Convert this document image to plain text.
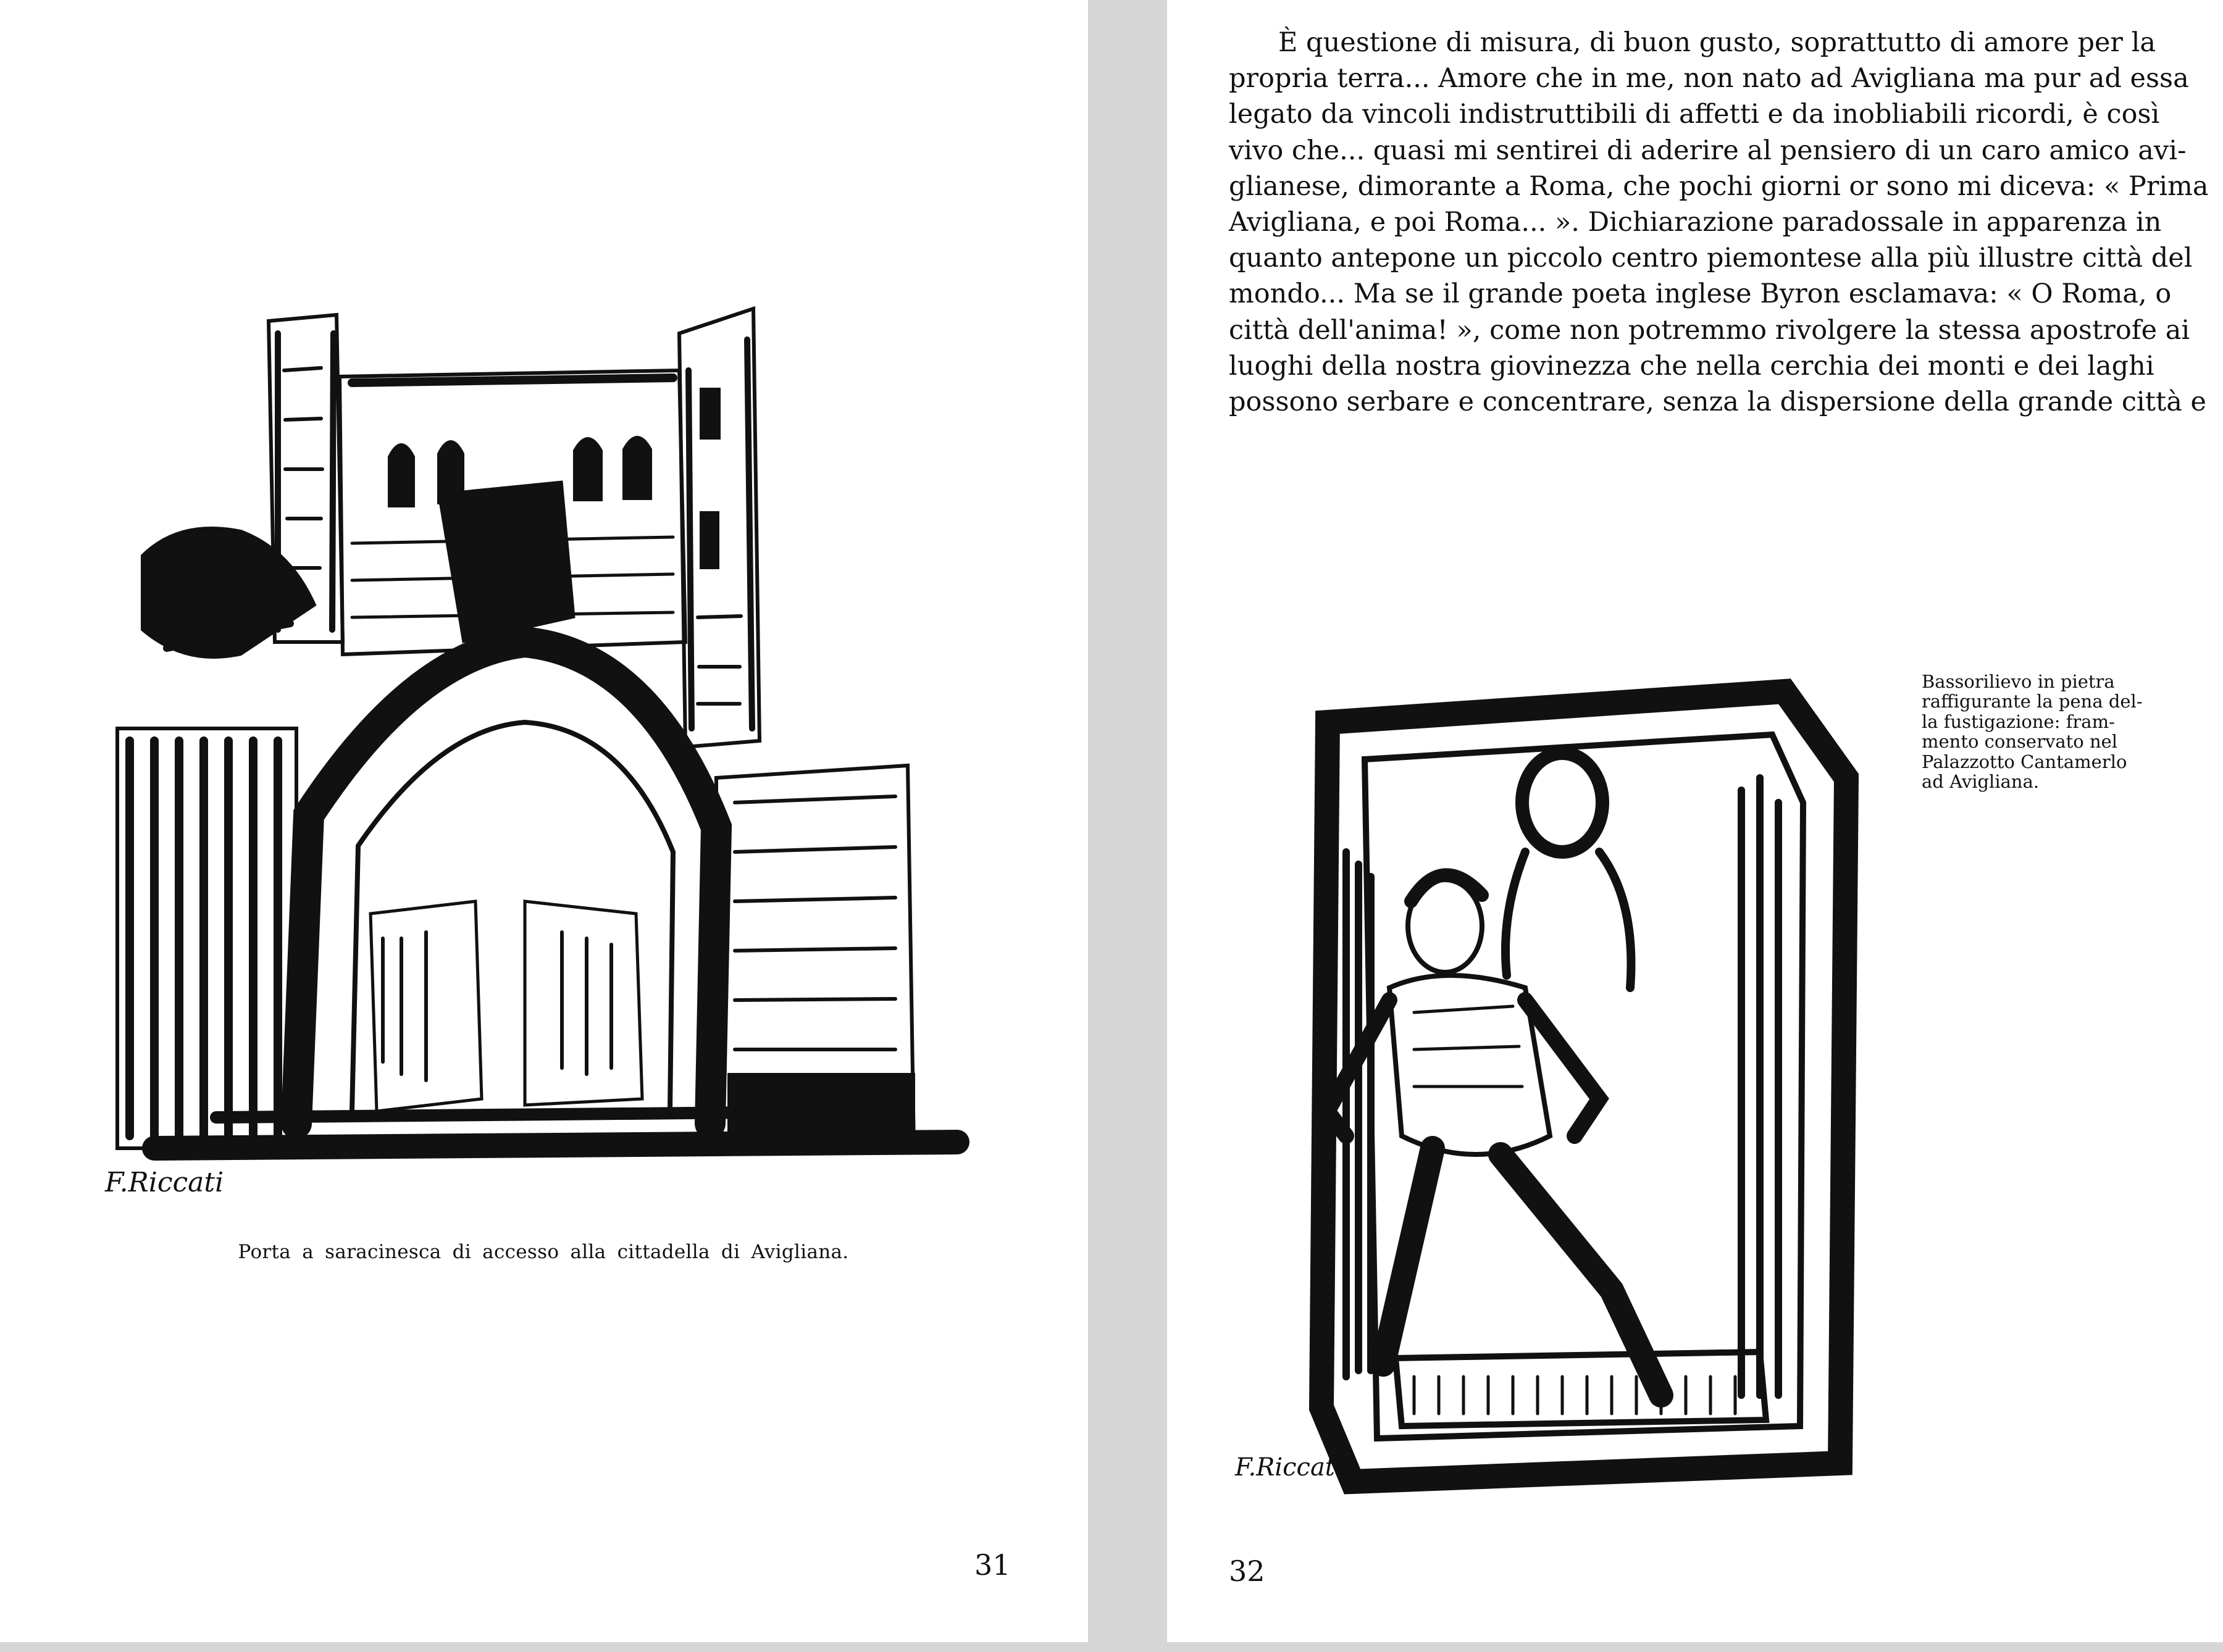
F.Riccati
Porta a saracinesca di accesso alla cittadella di Avigliana.
31
È questione di misura, di buon gusto, soprattutto di amore per la
propria terra... Amore che in me, non nato ad Avigliana ma pur ad essa
legato da vincoli indistruttibili di affetti e da inobliabili ricordi, è così
vivo che... quasi mi sentirei di aderire al pensiero di un caro amico avi-
glianese, dimorante a Roma, che pochi giorni or sono mi diceva: « Prima
Avigliana, e poi Roma... ». Dichiarazione paradossale in apparenza in
quanto antepone un piccolo centro piemontese alla più illustre città del
mondo... Ma se il grande poeta inglese Byron esclamava: « O Roma, o
città dell'anima! », come non potremmo rivolgere la stessa apostrofe ai
luoghi della nostra giovinezza che nella cerchia dei monti e dei laghi
possono serbare e concentrare, senza la dispersione della grande città e
F.Riccati
Bassorilievo in pietra
raffigurante la pena del-
la fustigazione: fram-
mento conservato nel
Palazzotto Cantamerlo
ad Avigliana.
32
